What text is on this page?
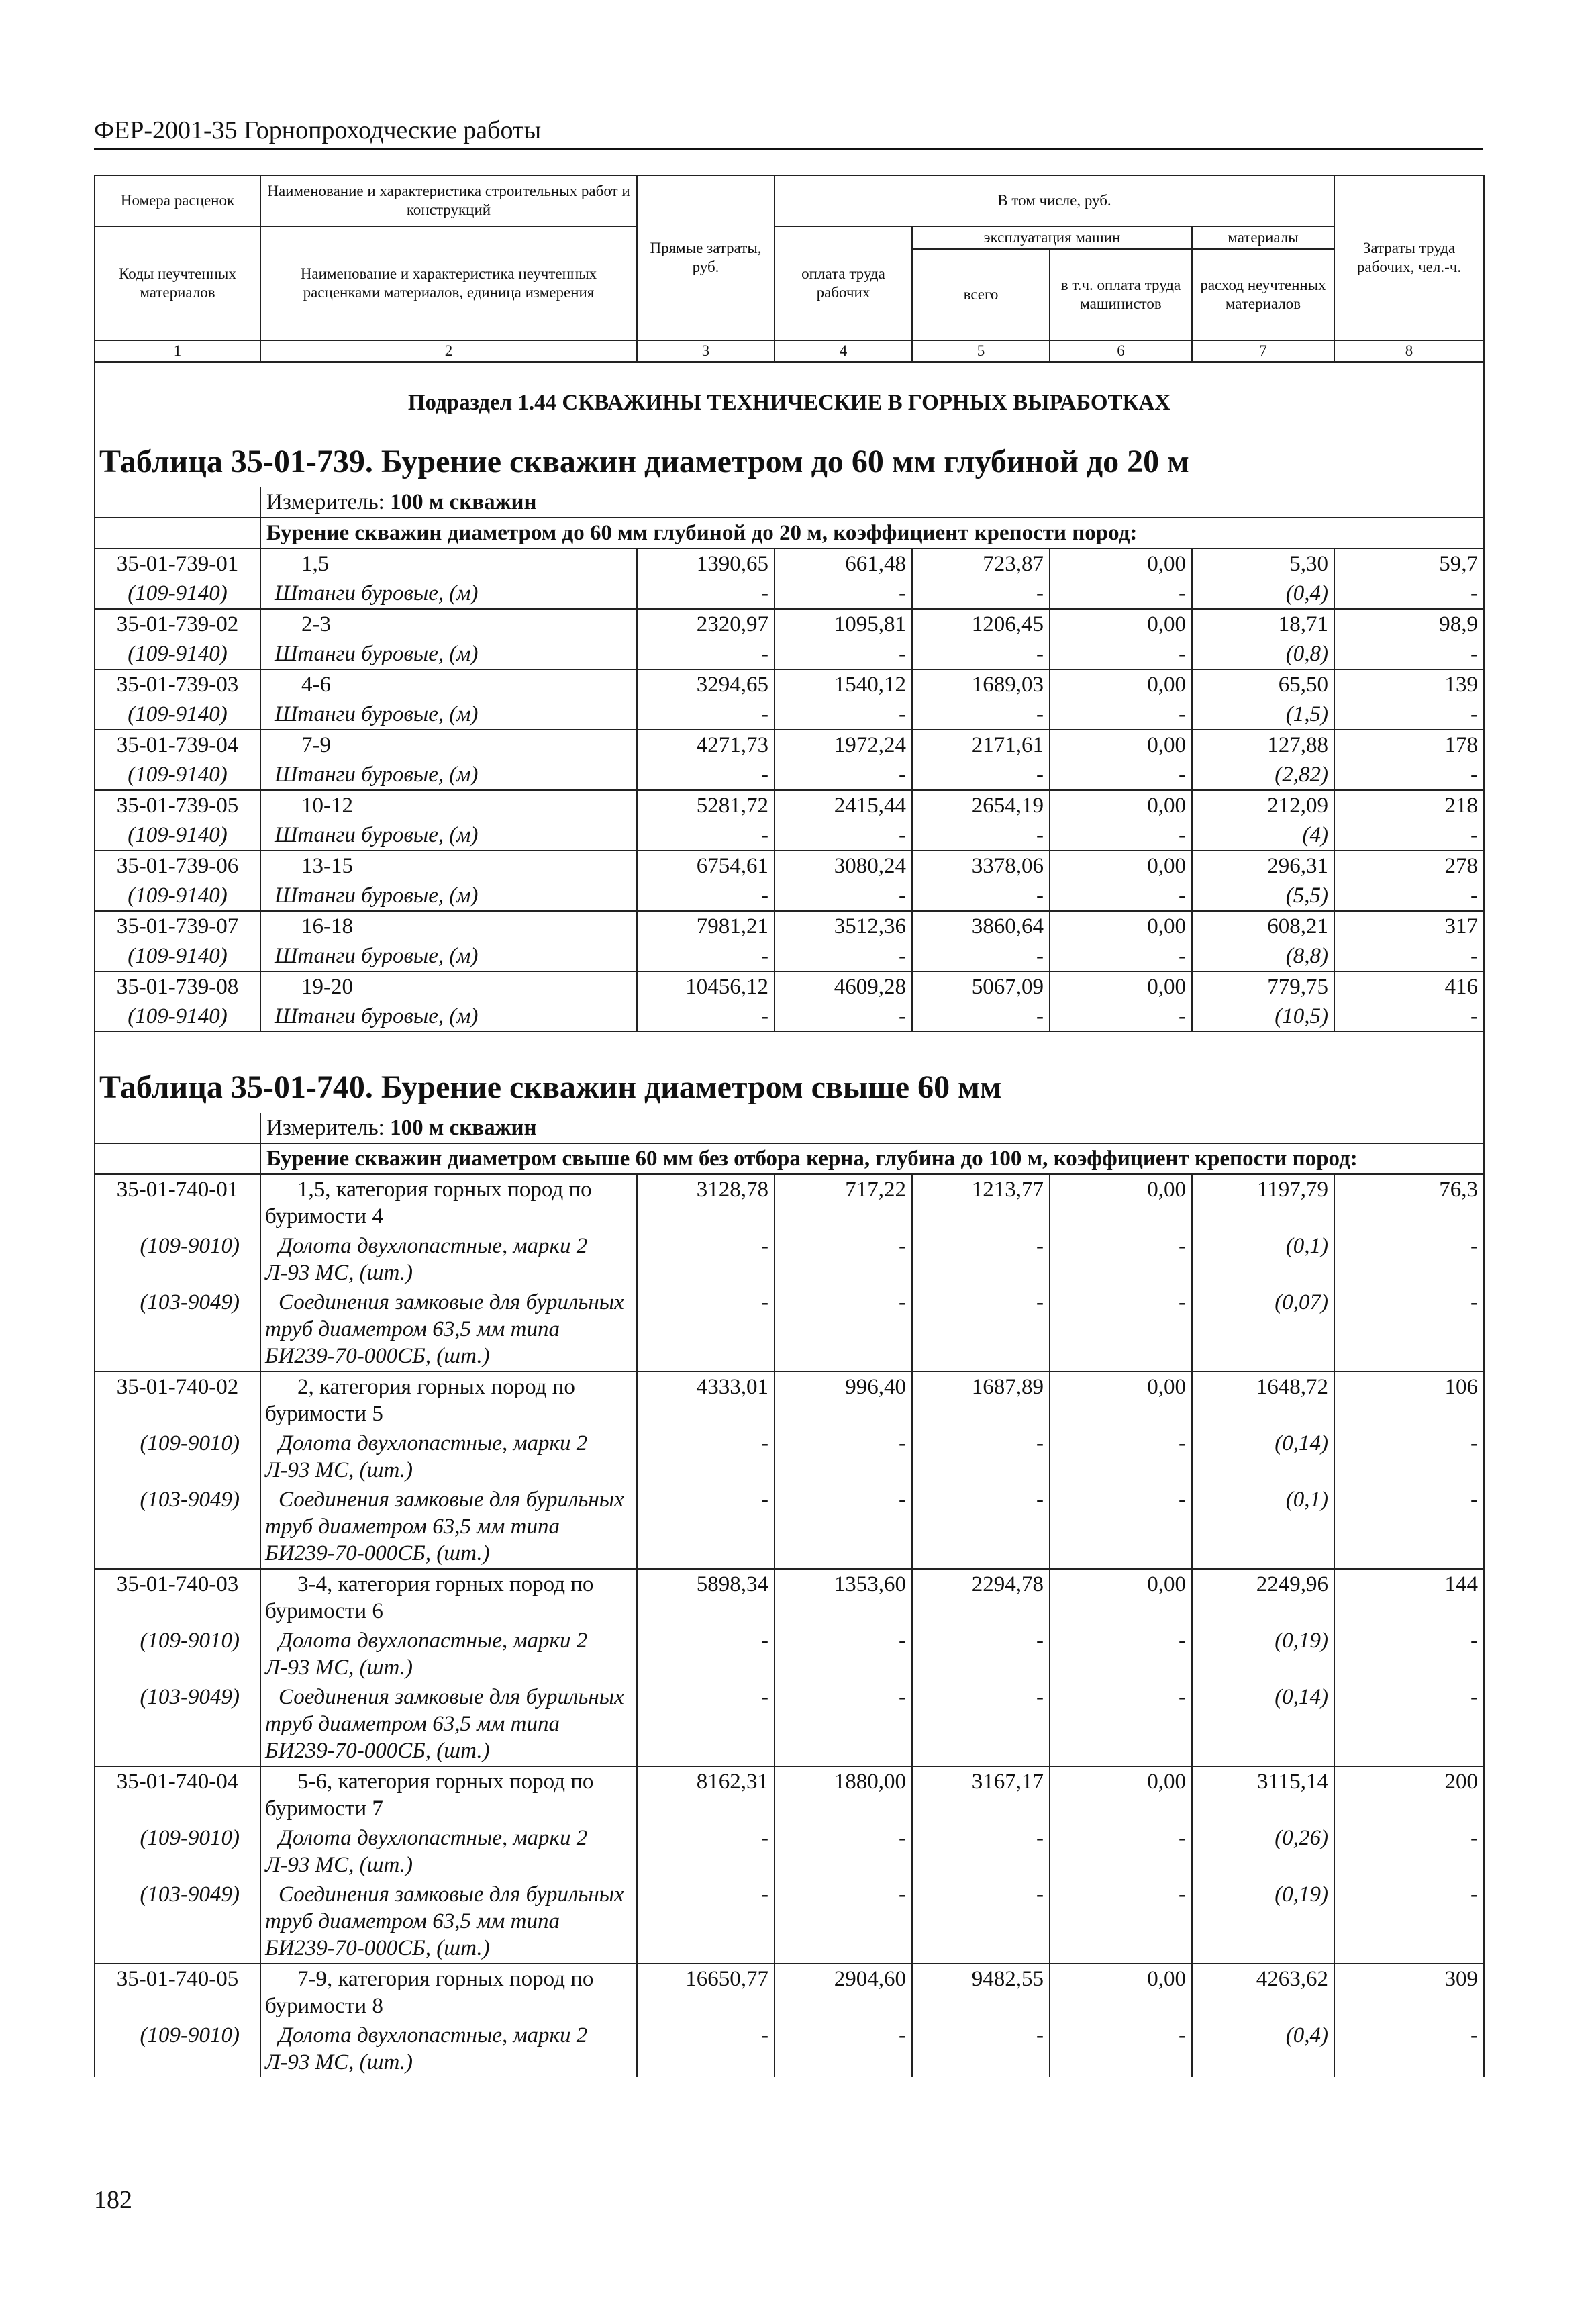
ФЕР-2001-35 Горнопроходческие работы
Номера расценок	Наименование и характеристика строительных работ и конструкций	Прямые затраты, руб.	В том числе, руб.				Затраты труда рабочих, чел.-ч.
Коды неучтенных материалов	Наименование и характеристика неучтенных расценками материалов, единица измерения		оплата труда рабочих	эксплуатация машин		материалы	
				всего	в т.ч. оплата труда машинистов	расход неучтенных материалов	
1	2	3	4	5	6	7	8
Подраздел 1.44 СКВАЖИНЫ ТЕХНИЧЕСКИЕ В ГОРНЫХ ВЫРАБОТКАХ							
Таблица 35-01-739. Бурение скважин диаметром до 60 мм глубиной до 20 м							
	Измеритель: 100 м скважин						
	Бурение скважин диаметром до 60 мм глубиной до 20 м, коэффициент крепости пород:						
35-01-739-01	1,5	1390,65	661,48	723,87	0,00	5,30	59,7
(109-9140)	Штанги буровые, (м)	-	-	-	-	(0,4)	-
35-01-739-02	2-3	2320,97	1095,81	1206,45	0,00	18,71	98,9
(109-9140)	Штанги буровые, (м)	-	-	-	-	(0,8)	-
35-01-739-03	4-6	3294,65	1540,12	1689,03	0,00	65,50	139
(109-9140)	Штанги буровые, (м)	-	-	-	-	(1,5)	-
35-01-739-04	7-9	4271,73	1972,24	2171,61	0,00	127,88	178
(109-9140)	Штанги буровые, (м)	-	-	-	-	(2,82)	-
35-01-739-05	10-12	5281,72	2415,44	2654,19	0,00	212,09	218
(109-9140)	Штанги буровые, (м)	-	-	-	-	(4)	-
35-01-739-06	13-15	6754,61	3080,24	3378,06	0,00	296,31	278
(109-9140)	Штанги буровые, (м)	-	-	-	-	(5,5)	-
35-01-739-07	16-18	7981,21	3512,36	3860,64	0,00	608,21	317
(109-9140)	Штанги буровые, (м)	-	-	-	-	(8,8)	-
35-01-739-08	19-20	10456,12	4609,28	5067,09	0,00	779,75	416
(109-9140)	Штанги буровые, (м)	-	-	-	-	(10,5)	-

Таблица 35-01-740. Бурение скважин диаметром свыше 60 мм							
	Измеритель: 100 м скважин						
	Бурение скважин диаметром свыше 60 мм без отбора керна, глубина до 100 м, коэффициент крепости пород:						
35-01-740-01	1,5, категория горных пород по буримости 4	3128,78	717,22	1213,77	0,00	1197,79	76,3
(109-9010)	Долота двухлопастные, марки 2 Л-93 МС, (шт.)	-	-	-	-	(0,1)	-
(103-9049)	Соединения замковые для бурильных труб диаметром 63,5 мм типа БИ239-70-000СБ, (шт.)	-	-	-	-	(0,07)	-
35-01-740-02	2, категория горных пород по буримости 5	4333,01	996,40	1687,89	0,00	1648,72	106
(109-9010)	Долота двухлопастные, марки 2 Л-93 МС, (шт.)	-	-	-	-	(0,14)	-
(103-9049)	Соединения замковые для бурильных труб диаметром 63,5 мм типа БИ239-70-000СБ, (шт.)	-	-	-	-	(0,1)	-
35-01-740-03	3-4, категория горных пород по буримости 6	5898,34	1353,60	2294,78	0,00	2249,96	144
(109-9010)	Долота двухлопастные, марки 2 Л-93 МС, (шт.)	-	-	-	-	(0,19)	-
(103-9049)	Соединения замковые для бурильных труб диаметром 63,5 мм типа БИ239-70-000СБ, (шт.)	-	-	-	-	(0,14)	-
35-01-740-04	5-6, категория горных пород по буримости 7	8162,31	1880,00	3167,17	0,00	3115,14	200
(109-9010)	Долота двухлопастные, марки 2 Л-93 МС, (шт.)	-	-	-	-	(0,26)	-
(103-9049)	Соединения замковые для бурильных труб диаметром 63,5 мм типа БИ239-70-000СБ, (шт.)	-	-	-	-	(0,19)	-
35-01-740-05	7-9, категория горных пород по буримости 8	16650,77	2904,60	9482,55	0,00	4263,62	309
(109-9010)	Долота двухлопастные, марки 2 Л-93 МС, (шт.)	-	-	-	-	(0,4)	-
182
